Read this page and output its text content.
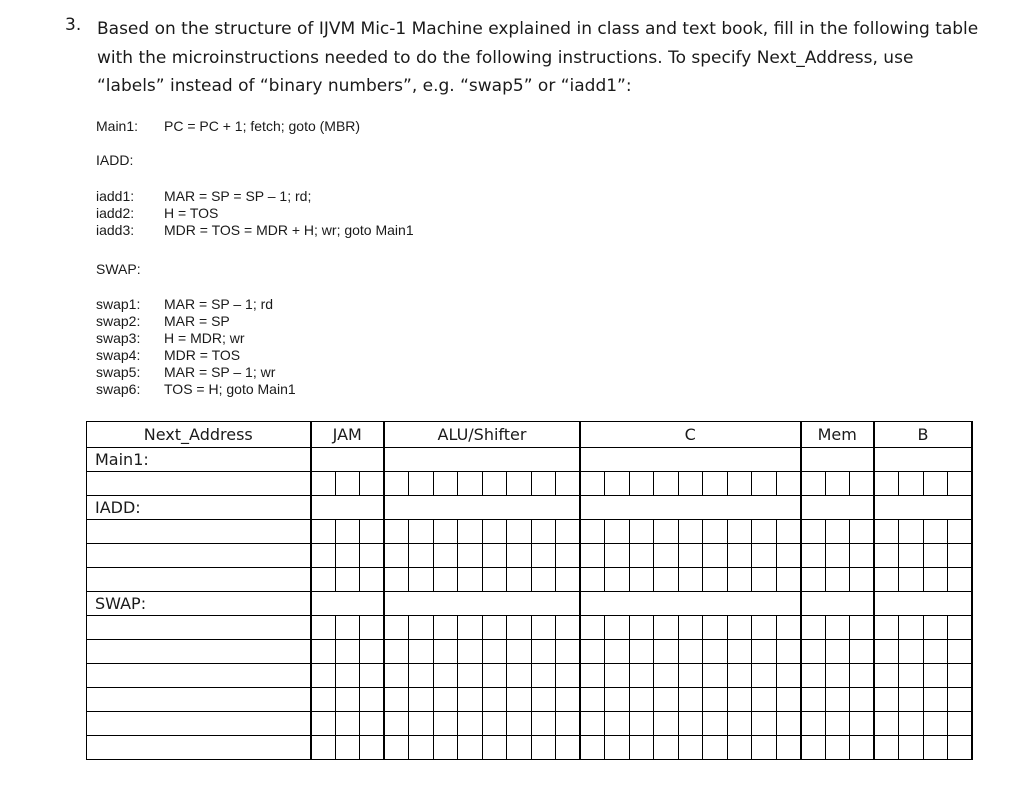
3. Based on the structure of IJVM Mic-1 Machine explained in class and text book, fill in the following table
with the microinstructions needed to do the following instructions. To specify Next_Address, use
“labels” instead of “binary numbers”, e.g. “swap5” or “iadd1”:
Main1: PC = PC + 1; fetch; goto (MBR)
IADD:
iadd1: MAR = SP = SP – 1; rd;
iadd2: H = TOS
iadd3: MDR = TOS = MDR + H; wr; goto Main1
SWAP:
swap1: MAR = SP – 1; rd
swap2: MAR = SP
swap3: H = MDR; wr
swap4: MDR = TOS
swap5: MAR = SP – 1; wr
swap6: TOS = H; goto Main1
Next_Address	JAM			ALU/Shifter								C									Mem			B			
Main1:																											

IADD:																											

SWAP:																											
